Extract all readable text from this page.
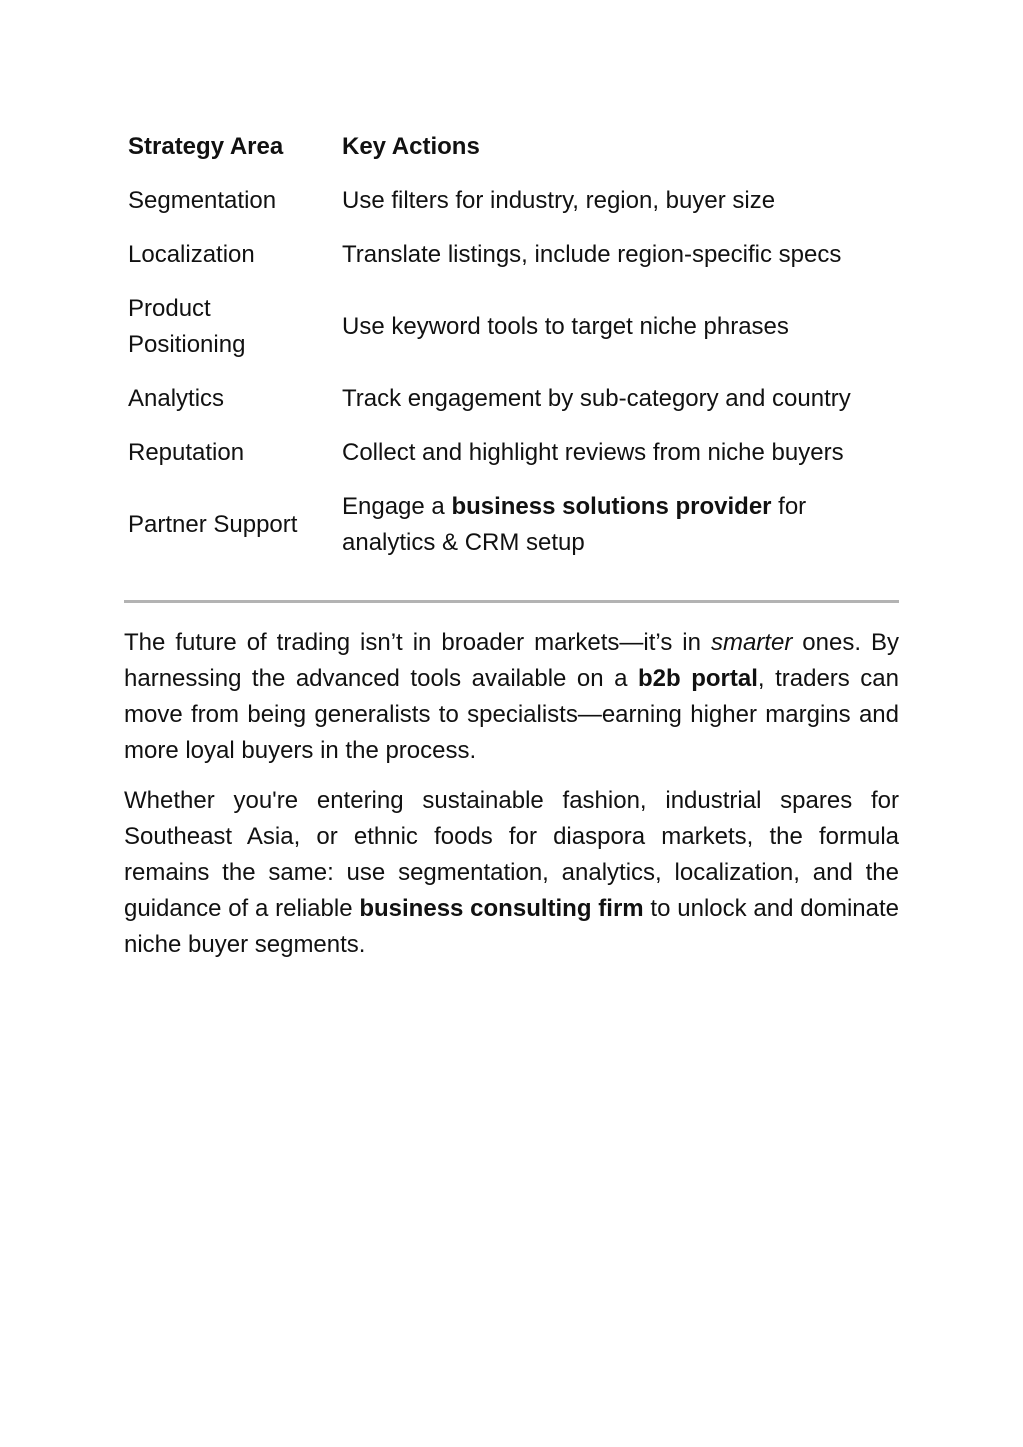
Strategy Area	Key Actions
Segmentation	Use filters for industry, region, buyer size
Localization	Translate listings, include region-specific specs
Product Positioning	Use keyword tools to target niche phrases
Analytics	Track engagement by sub-category and country
Reputation	Collect and highlight reviews from niche buyers
Partner Support	Engage a business solutions provider for analytics & CRM setup

The future of trading isn’t in broader markets—it’s in smarter ones. By harnessing the advanced tools available on a b2b portal, traders can move from being generalists to specialists—earning higher margins and more loyal buyers in the process.

Whether you're entering sustainable fashion, industrial spares for Southeast Asia, or ethnic foods for diaspora markets, the formula remains the same: use segmentation, analytics, localization, and the guidance of a reliable business consulting firm to unlock and dominate niche buyer segments.
